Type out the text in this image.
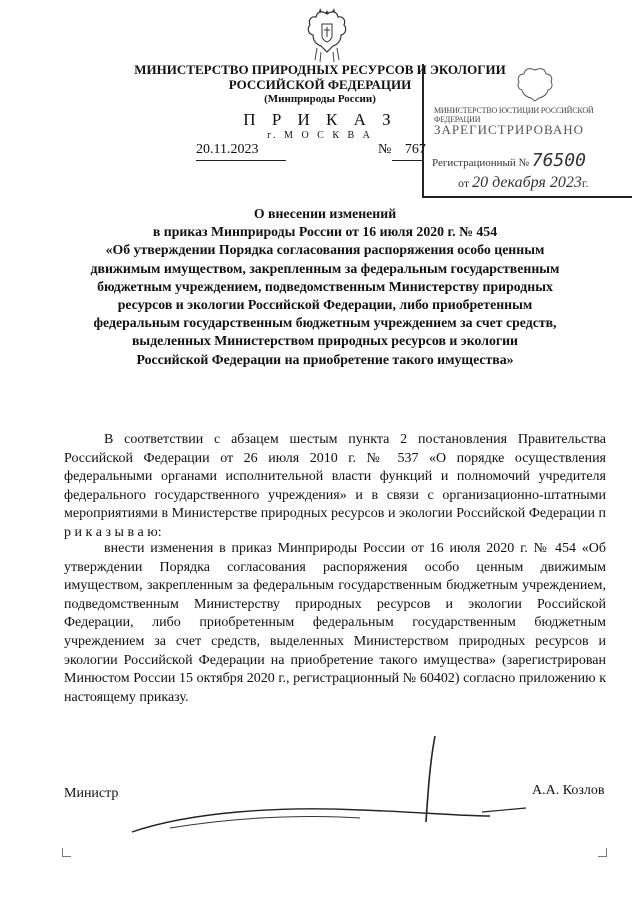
МИНИСТЕРСТВО ПРИРОДНЫХ РЕСУРСОВ И ЭКОЛОГИИ
РОССИЙСКОЙ ФЕДЕРАЦИИ
(Минприроды России)
П Р И К А З
г. М О С К В А
20.11.2023	№ 767
МИНИСТЕРСТВО ЮСТИЦИИ РОССИЙСКОЙ ФЕДЕРАЦИИ
ЗАРЕГИСТРИРОВАНО
Регистрационный № 76500
от 20 декабря 2023г.
О внесении изменений
в приказ Минприроды России от 16 июля 2020 г. № 454
«Об утверждении Порядка согласования распоряжения особо ценным
движимым имуществом, закрепленным за федеральным государственным
бюджетным учреждением, подведомственным Министерству природных
ресурсов и экологии Российской Федерации, либо приобретенным
федеральным государственным бюджетным учреждением за счет средств,
выделенных Министерством природных ресурсов и экологии
Российской Федерации на приобретение такого имущества»

В соответствии с абзацем шестым пункта 2 постановления Правительства Российской Федерации от 26 июля 2010 г. № 537 «О порядке осуществления федеральными органами исполнительной власти функций и полномочий учредителя федерального государственного учреждения» и в связи с организационно-штатными мероприятиями в Министерстве природных ресурсов и экологии Российской Федерации п р и к а з ы в а ю:

внести изменения в приказ Минприроды России от 16 июля 2020 г. № 454 «Об утверждении Порядка согласования распоряжения особо ценным движимым имуществом, закрепленным за федеральным государственным бюджетным учреждением, подведомственным Министерству природных ресурсов и экологии Российской Федерации, либо приобретенным федеральным государственным бюджетным учреждением за счет средств, выделенных Министерством природных ресурсов и экологии Российской Федерации на приобретение такого имущества» (зарегистрирован Минюстом России 15 октября 2020 г., регистрационный № 60402) согласно приложению к настоящему приказу.

Министр	А.А. Козлов
